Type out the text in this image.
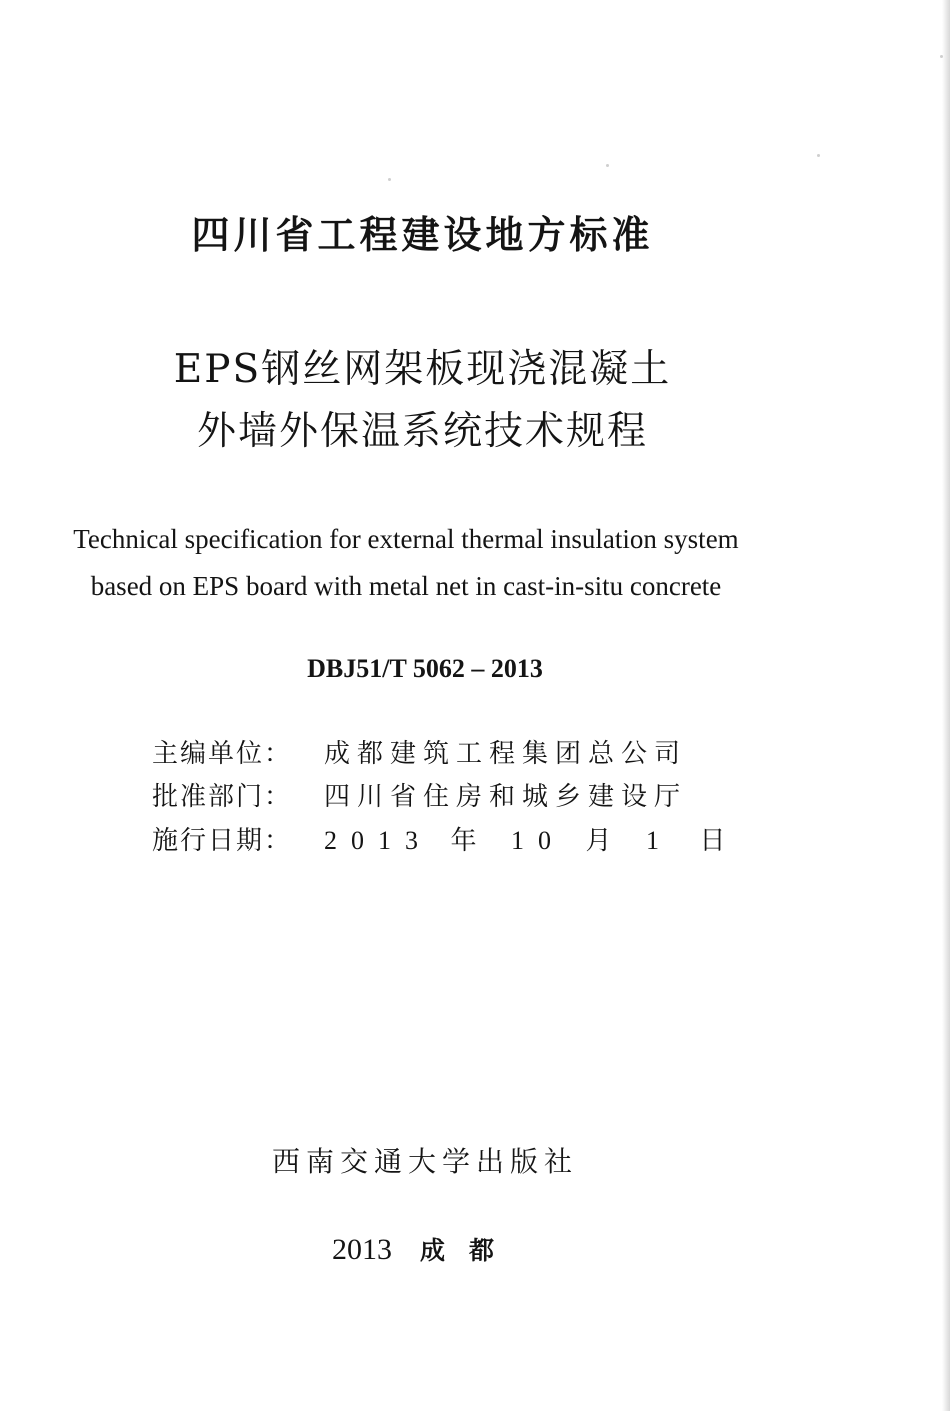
四川省工程建设地方标准
EPS钢丝网架板现浇混凝土
外墙外保温系统技术规程
Technical specification for external thermal insulation system
based on EPS board with metal net in cast-in-situ concrete
DBJ51/T 5062 – 2013
主编单位：	成都建筑工程集团总公司
批准部门：	四川省住房和城乡建设厅
施行日期：	2013 年 10 月 1 日
西南交通大学出版社
2013 成都
